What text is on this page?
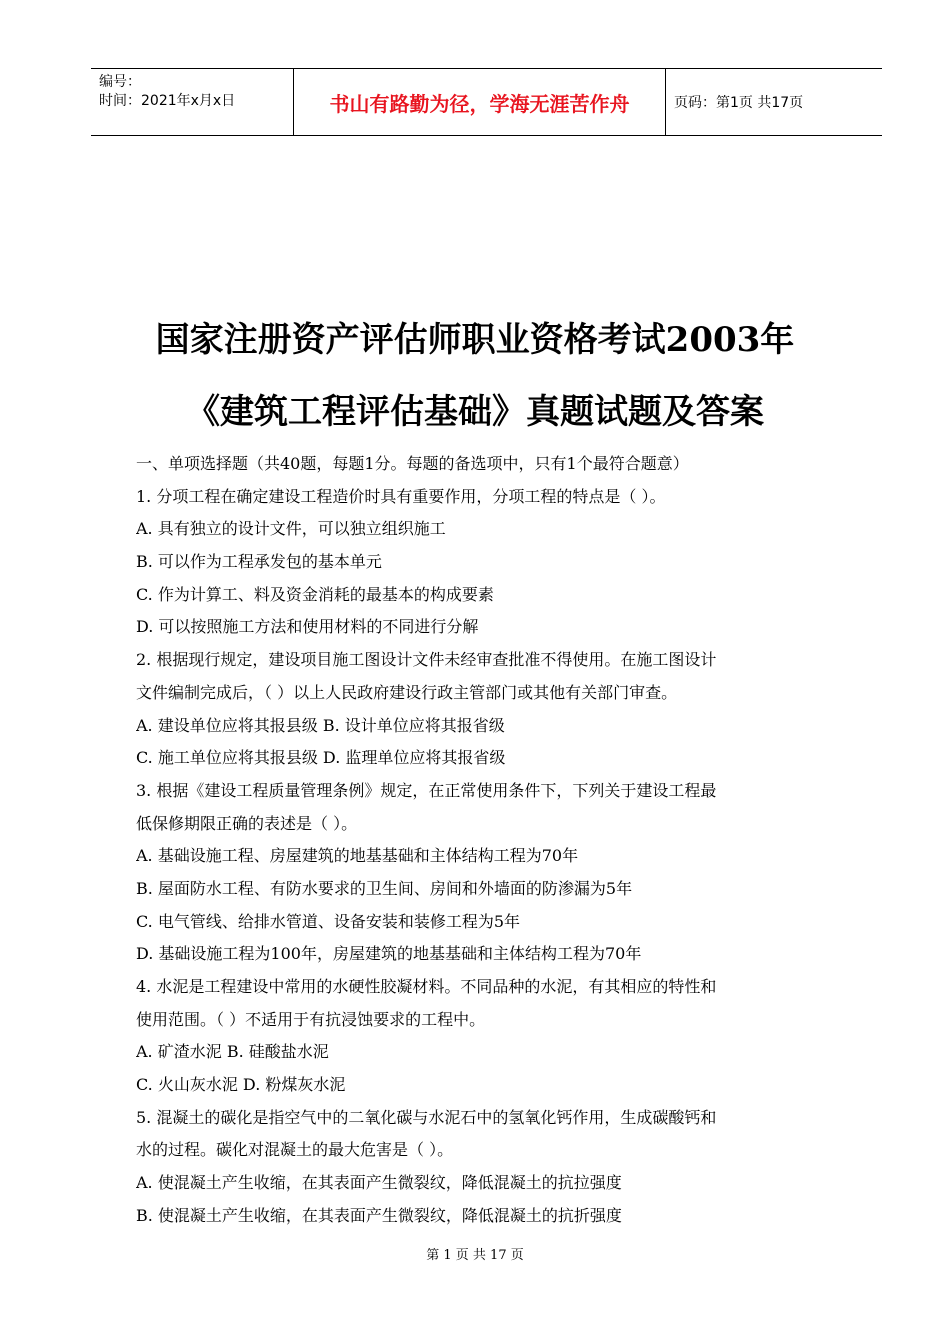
编号：
时间：2021年x月x日	书山有路勤为径，学海无涯苦作舟	页码：第1页 共17页
国家注册资产评估师职业资格考试2003年
《建筑工程评估基础》真题试题及答案
一、单项选择题（共40题，每题1分。每题的备选项中，只有1个最符合题意）
1. 分项工程在确定建设工程造价时具有重要作用，分项工程的特点是（ ）。
A. 具有独立的设计文件，可以独立组织施工
B. 可以作为工程承发包的基本单元
C. 作为计算工、料及资金消耗的最基本的构成要素
D. 可以按照施工方法和使用材料的不同进行分解
2. 根据现行规定，建设项目施工图设计文件未经审查批准不得使用。在施工图设计
文件编制完成后，（ ）以上人民政府建设行政主管部门或其他有关部门审查。
A. 建设单位应将其报县级 B. 设计单位应将其报省级
C. 施工单位应将其报县级 D. 监理单位应将其报省级
3. 根据《建设工程质量管理条例》规定，在正常使用条件下，下列关于建设工程最
低保修期限正确的表述是（ ）。
A. 基础设施工程、房屋建筑的地基基础和主体结构工程为70年
B. 屋面防水工程、有防水要求的卫生间、房间和外墙面的防渗漏为5年
C. 电气管线、给排水管道、设备安装和装修工程为5年
D. 基础设施工程为100年，房屋建筑的地基基础和主体结构工程为70年
4. 水泥是工程建设中常用的水硬性胶凝材料。不同品种的水泥，有其相应的特性和
使用范围。（ ）不适用于有抗浸蚀要求的工程中。
A. 矿渣水泥 B. 硅酸盐水泥
C. 火山灰水泥 D. 粉煤灰水泥
5. 混凝土的碳化是指空气中的二氧化碳与水泥石中的氢氧化钙作用，生成碳酸钙和
水的过程。碳化对混凝土的最大危害是（ ）。
A. 使混凝土产生收缩，在其表面产生微裂纹，降低混凝土的抗拉强度
B. 使混凝土产生收缩，在其表面产生微裂纹，降低混凝土的抗折强度
第 1 页 共 17 页
